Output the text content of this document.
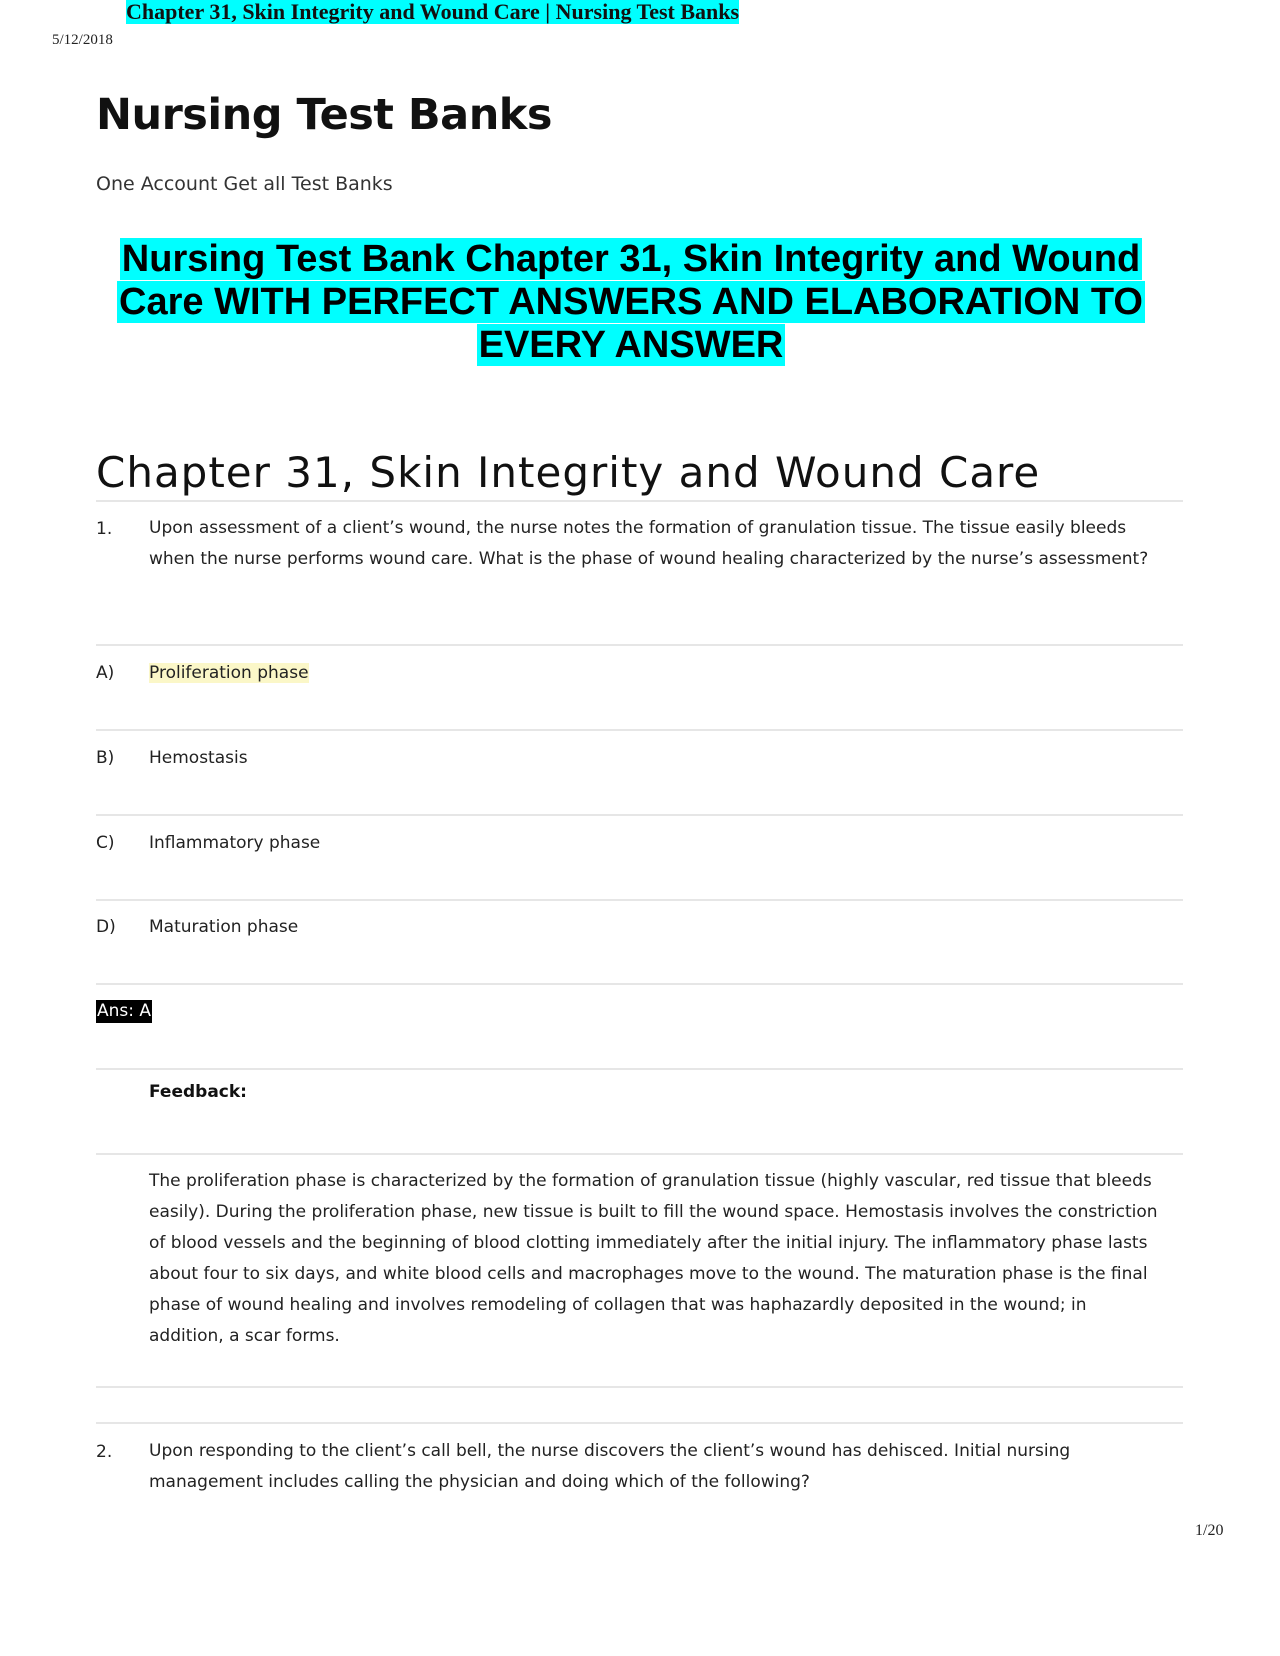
Chapter 31, Skin Integrity and Wound Care | Nursing Test Banks
5/12/2018
Nursing Test Banks
One Account Get all Test Banks
Nursing Test Bank Chapter 31, Skin Integrity and Wound
Care WITH PERFECT ANSWERS AND ELABORATION TO
EVERY ANSWER
Chapter 31, Skin Integrity and Wound Care
1. Upon assessment of a client’s wound, the nurse notes the formation of granulation tissue. The tissue easily bleeds when the nurse performs wound care. What is the phase of wound healing characterized by the nurse’s assessment?
A) Proliferation phase
B) Hemostasis
C) Inflammatory phase
D) Maturation phase
Ans: A
Feedback:
The proliferation phase is characterized by the formation of granulation tissue (highly vascular, red tissue that bleeds easily). During the proliferation phase, new tissue is built to fill the wound space. Hemostasis involves the constriction of blood vessels and the beginning of blood clotting immediately after the initial injury. The inflammatory phase lasts about four to six days, and white blood cells and macrophages move to the wound. The maturation phase is the final phase of wound healing and involves remodeling of collagen that was haphazardly deposited in the wound; in addition, a scar forms.
2. Upon responding to the client’s call bell, the nurse discovers the client’s wound has dehisced. Initial nursing management includes calling the physician and doing which of the following?
1/20
